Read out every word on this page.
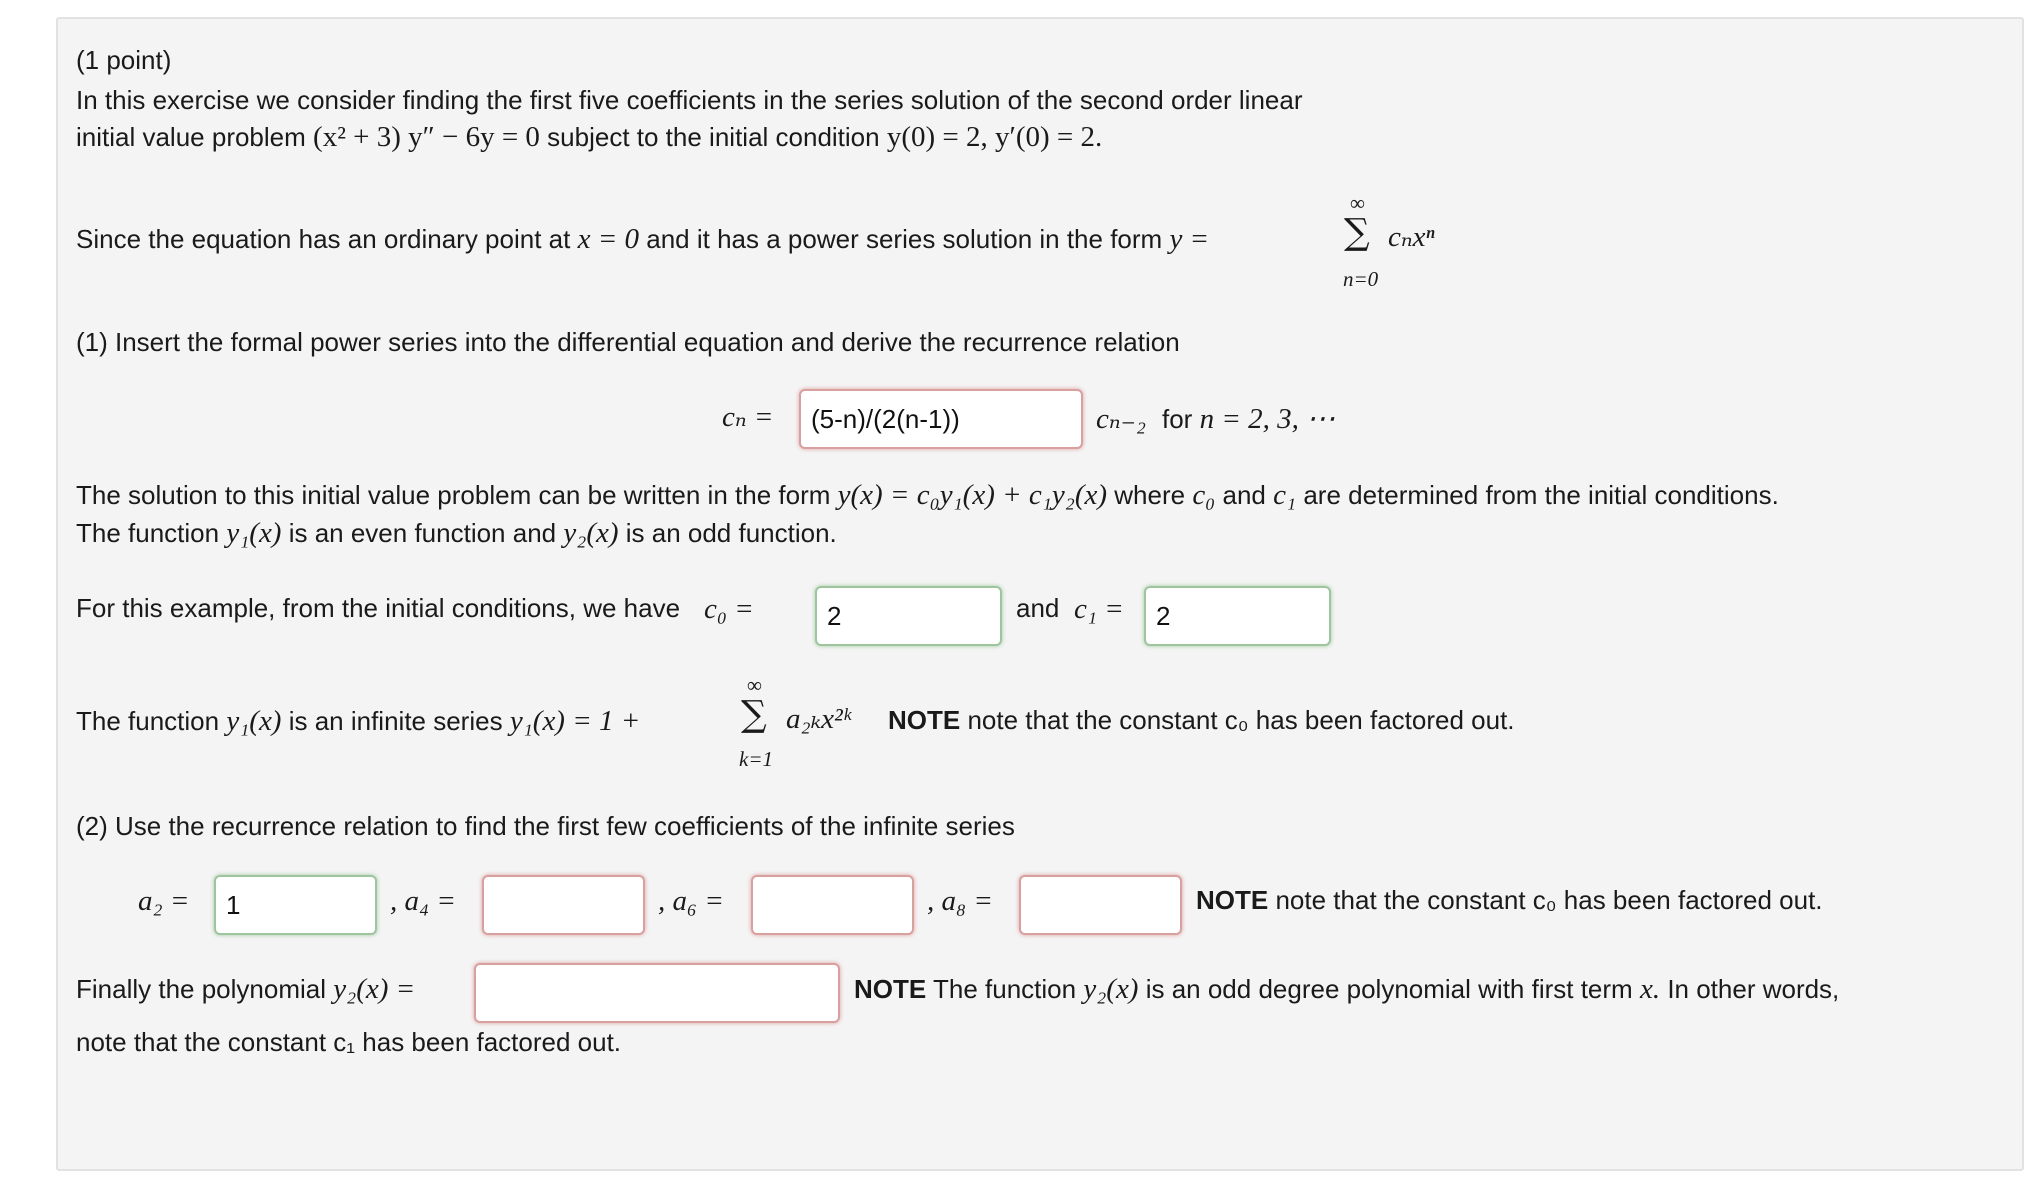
(1 point)
In this exercise we consider finding the first five coefficients in the series solution of the second order linear
initial value problem (x² + 3) y″ − 6y = 0 subject to the initial condition y(0) = 2, y′(0) = 2.
Since the equation has an ordinary point at x = 0 and it has a power series solution in the form y =
∞
∑
n=0
cₙxⁿ
(1) Insert the formal power series into the differential equation and derive the recurrence relation
cₙ =	(5-n)/(2(n-1))	cₙ₋₂ for n = 2, 3, ⋯
The solution to this initial value problem can be written in the form y(x) = c₀y₁(x) + c₁y₂(x) where c₀ and c₁ are determined from the initial conditions.
The function y₁(x) is an even function and y₂(x) is an odd function.
For this example, from the initial conditions, we have c₀ =	2	and c₁ =	2
The function y₁(x) is an infinite series y₁(x) = 1 +
∞
∑
k=1
a₂ₖx²ᵏ NOTE note that the constant c₀ has been factored out.
(2) Use the recurrence relation to find the first few coefficients of the infinite series
a₂ =	1	, a₄ =	, a₆ =	, a₈ =	NOTE note that the constant c₀ has been factored out.
Finally the polynomial y₂(x) =	NOTE The function y₂(x) is an odd degree polynomial with first term x. In other words,
note that the constant c₁ has been factored out.
